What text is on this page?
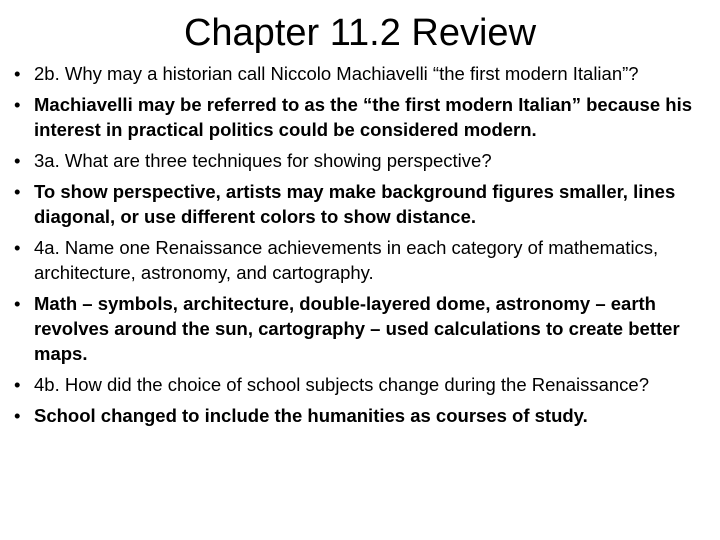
Chapter 11.2 Review
• 2b. Why may a historian call Niccolo Machiavelli “the first modern Italian”?
• Machiavelli may be referred to as the “the first modern Italian” because his interest in practical politics could be considered modern.
• 3a. What are three techniques for showing perspective?
• To show perspective, artists may make background figures smaller, lines diagonal, or use different colors to show distance.
• 4a. Name one Renaissance achievements in each category of mathematics, architecture, astronomy, and cartography.
• Math – symbols, architecture, double-layered dome, astronomy – earth revolves around the sun, cartography – used calculations to create better maps.
• 4b. How did the choice of school subjects change during the Renaissance?
• School changed to include the humanities as courses of study.
